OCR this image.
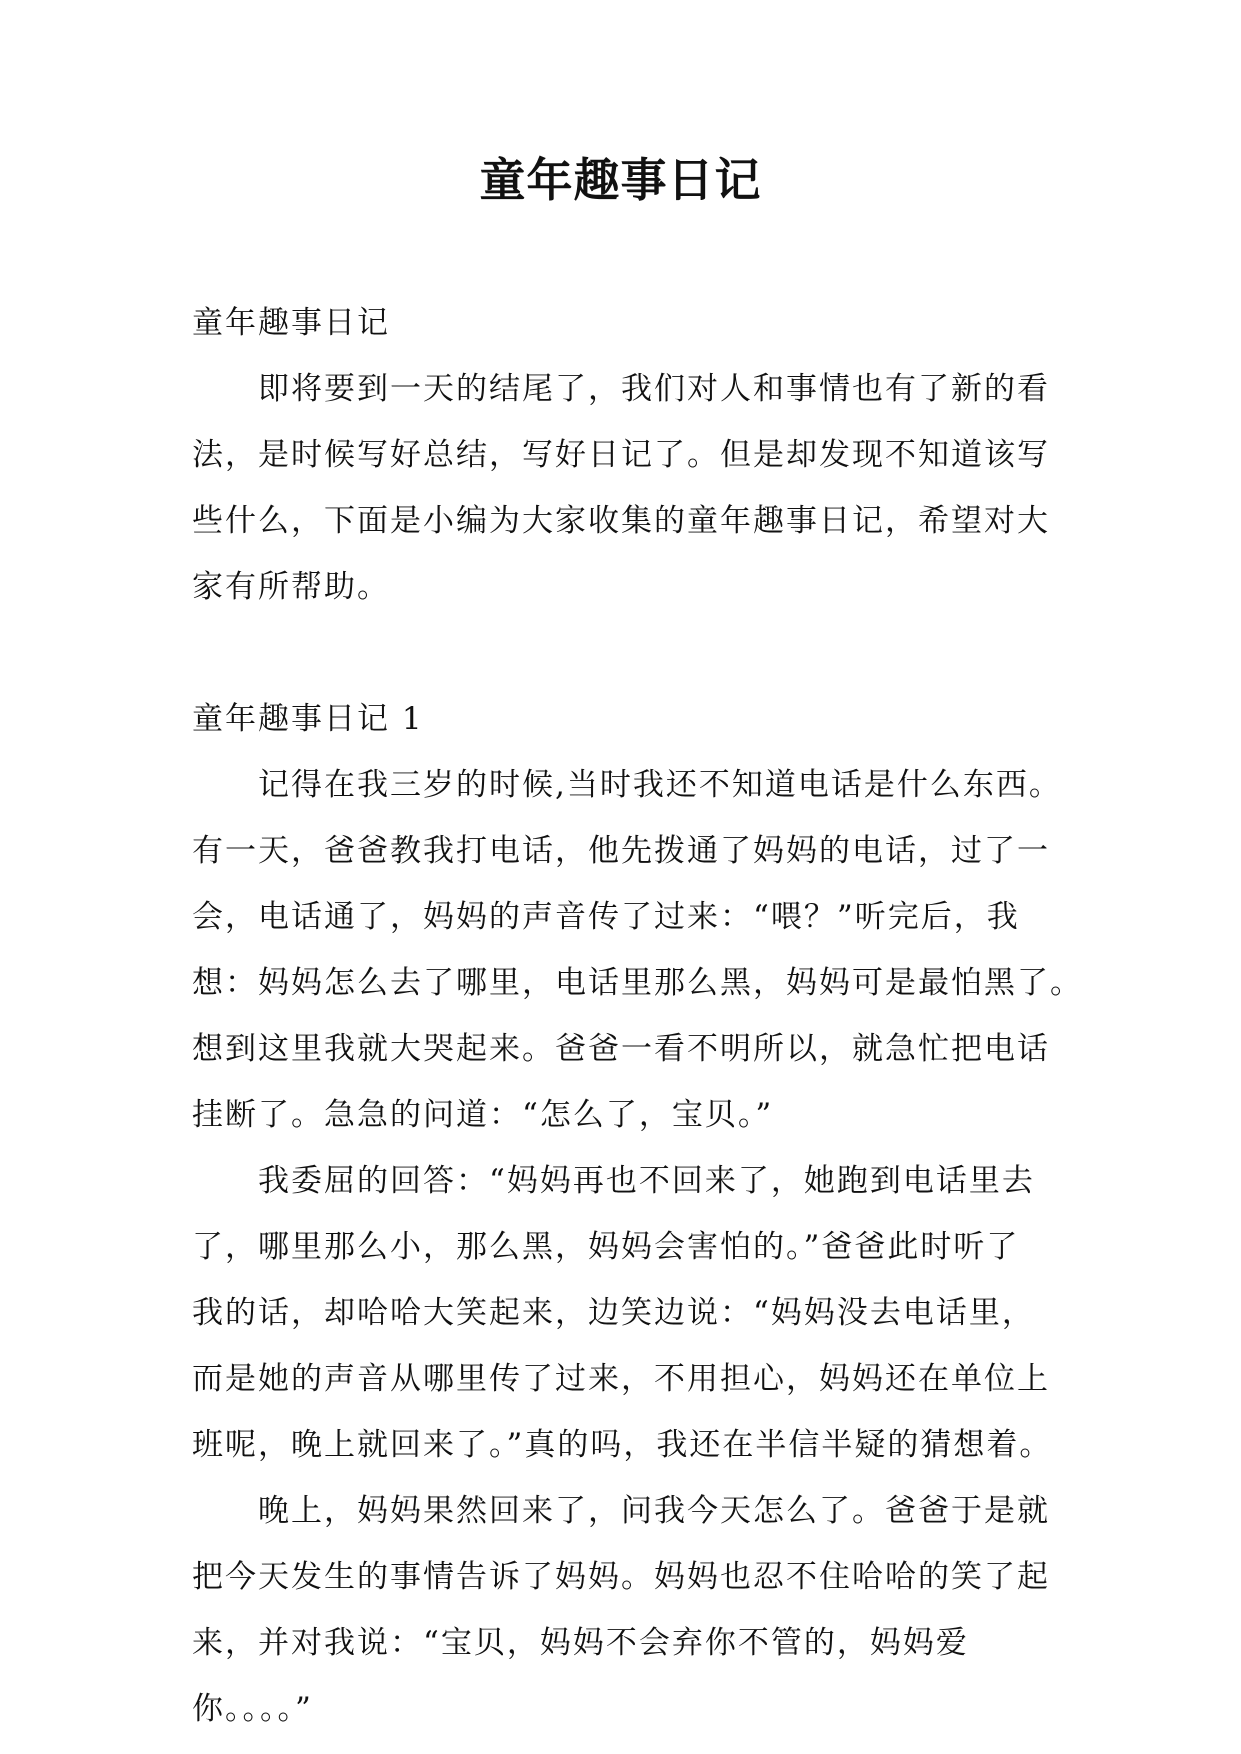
童年趣事日记
童年趣事日记
即将要到一天的结尾了，我们对人和事情也有了新的看
法，是时候写好总结，写好日记了。但是却发现不知道该写
些什么，下面是小编为大家收集的童年趣事日记，希望对大
家有所帮助。
童年趣事日记 1
记得在我三岁的时候,当时我还不知道电话是什么东西。
有一天，爸爸教我打电话，他先拨通了妈妈的电话，过了一
会，电话通了，妈妈的声音传了过来：“喂？”听完后，我
想：妈妈怎么去了哪里，电话里那么黑，妈妈可是最怕黑了。
想到这里我就大哭起来。爸爸一看不明所以，就急忙把电话
挂断了。急急的问道：“怎么了，宝贝。”
我委屈的回答：“妈妈再也不回来了，她跑到电话里去
了，哪里那么小，那么黑，妈妈会害怕的。”爸爸此时听了
我的话，却哈哈大笑起来，边笑边说：“妈妈没去电话里，
而是她的声音从哪里传了过来，不用担心，妈妈还在单位上
班呢，晚上就回来了。”真的吗，我还在半信半疑的猜想着。
晚上，妈妈果然回来了，问我今天怎么了。爸爸于是就
把今天发生的事情告诉了妈妈。妈妈也忍不住哈哈的笑了起
来，并对我说：“宝贝，妈妈不会弃你不管的，妈妈爱
你。。。。”
